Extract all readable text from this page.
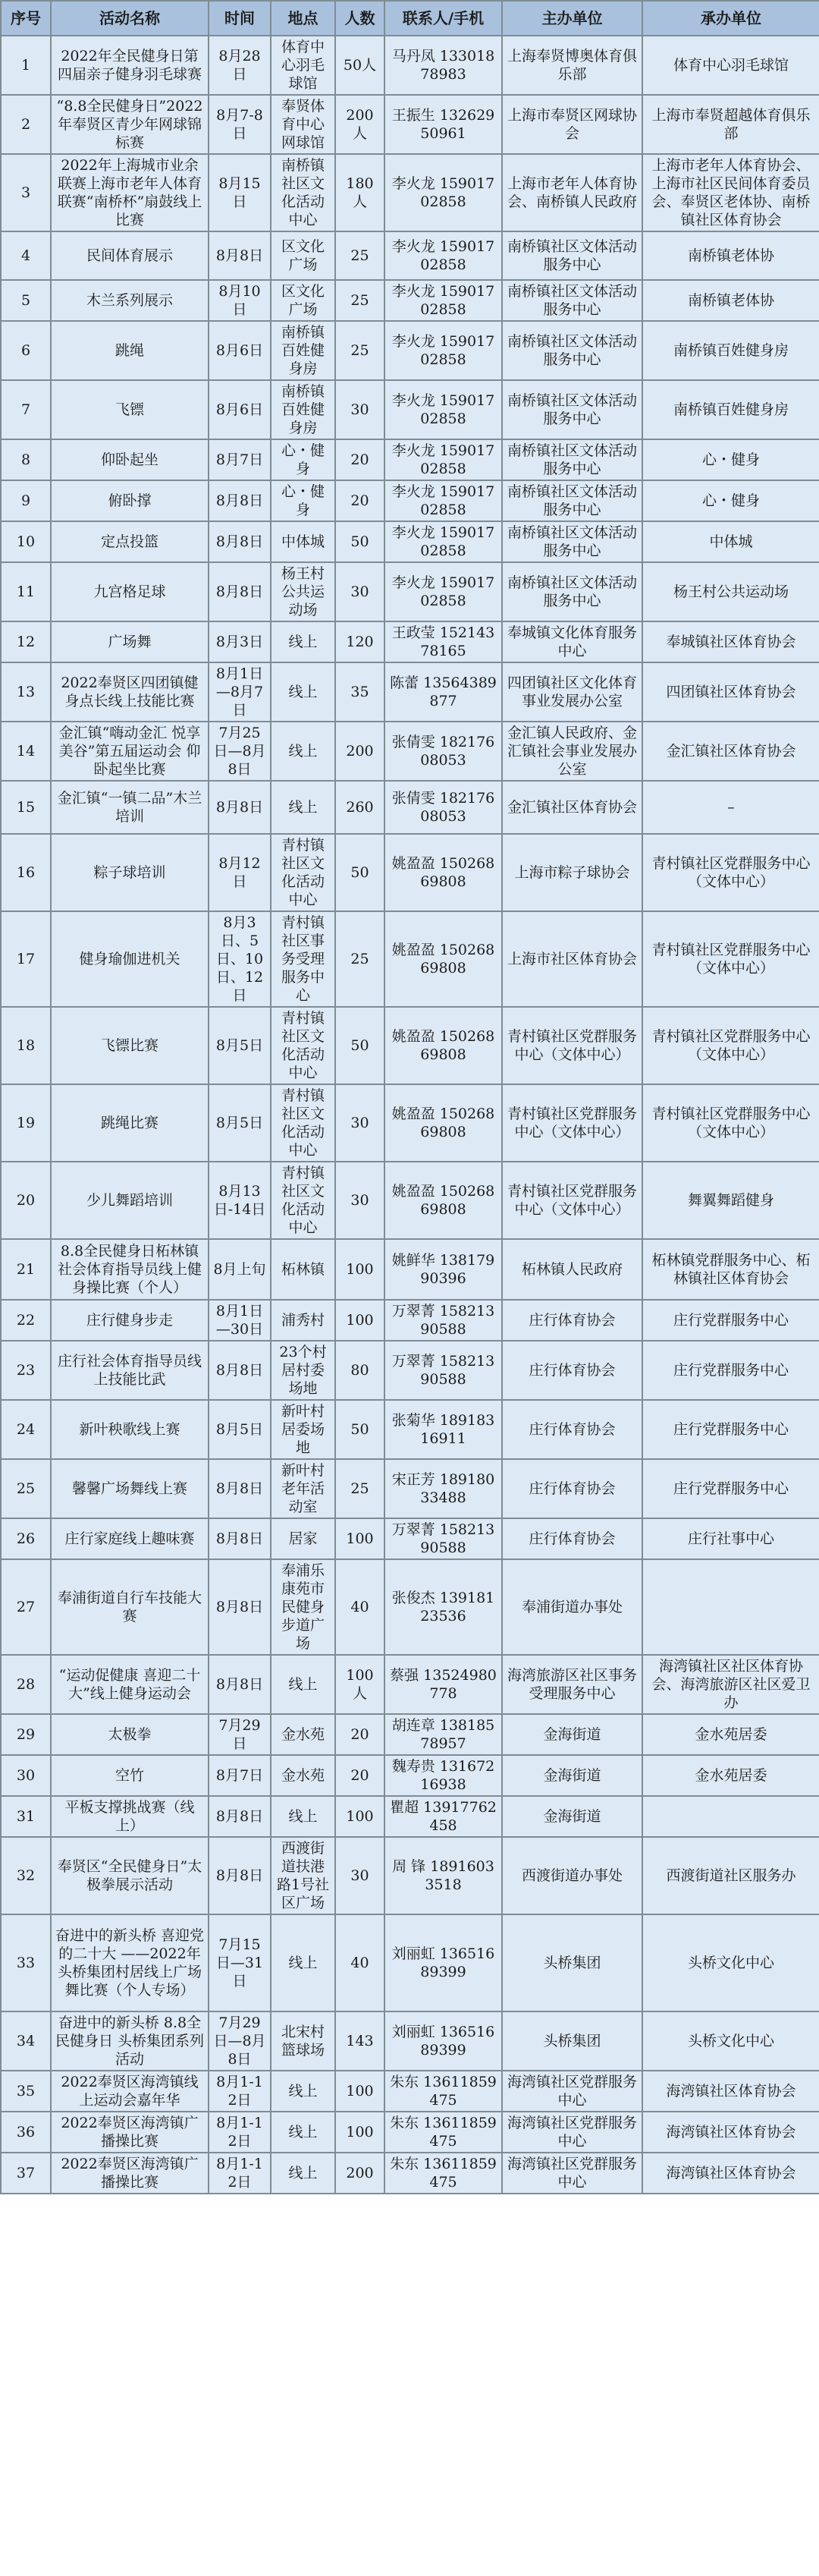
序号	活动名称	时间	地点	人数	联系人/手机	主办单位	承办单位
1	2022年全民健身日第四届亲子健身羽毛球赛	8月28日	体育中心羽毛球馆	50人	马丹凤 13301878983	上海奉贤博奥体育俱乐部	体育中心羽毛球馆
2	“8.8全民健身日”2022年奉贤区青少年网球锦标赛	8月7-8日	奉贤体育中心网球馆	200人	王振生 13262950961	上海市奉贤区网球协会	上海市奉贤超越体育俱乐部
3	2022年上海城市业余联赛上海市老年人体育联赛“南桥杯”扇鼓线上比赛	8月15日	南桥镇社区文化活动中心	180人	李火龙 15901702858	上海市老年人体育协会、南桥镇人民政府	上海市老年人体育协会、上海市社区民间体育委员会、奉贤区老体协、南桥镇社区体育协会
4	民间体育展示	8月8日	区文化广场	25	李火龙 15901702858	南桥镇社区文体活动服务中心	南桥镇老体协
5	木兰系列展示	8月10日	区文化广场	25	李火龙 15901702858	南桥镇社区文体活动服务中心	南桥镇老体协
6	跳绳	8月6日	南桥镇百姓健身房	25	李火龙 15901702858	南桥镇社区文体活动服务中心	南桥镇百姓健身房
7	飞镖	8月6日	南桥镇百姓健身房	30	李火龙 15901702858	南桥镇社区文体活动服务中心	南桥镇百姓健身房
8	仰卧起坐	8月7日	心・健身	20	李火龙 15901702858	南桥镇社区文体活动服务中心	心・健身
9	俯卧撑	8月8日	心・健身	20	李火龙 15901702858	南桥镇社区文体活动服务中心	心・健身
10	定点投篮	8月8日	中体城	50	李火龙 15901702858	南桥镇社区文体活动服务中心	中体城
11	九宫格足球	8月8日	杨王村公共运动场	30	李火龙 15901702858	南桥镇社区文体活动服务中心	杨王村公共运动场
12	广场舞	8月3日	线上	120	王政莹 15214378165	奉城镇文化体育服务中心	奉城镇社区体育协会
13	2022奉贤区四团镇健身点长线上技能比赛	8月1日—8月7日	线上	35	陈蕾 13564389877	四团镇社区文化体育事业发展办公室	四团镇社区体育协会
14	金汇镇“嗨动金汇 悦享美谷”第五届运动会 仰卧起坐比赛	7月25日—8月8日	线上	200	张倩雯 18217608053	金汇镇人民政府、金汇镇社会事业发展办公室	金汇镇社区体育协会
15	金汇镇“一镇二品”木兰培训	8月8日	线上	260	张倩雯 18217608053	金汇镇社区体育协会	–
16	粽子球培训	8月12日	青村镇社区文化活动中心	50	姚盈盈 15026869808	上海市粽子球协会	青村镇社区党群服务中心（文体中心）
17	健身瑜伽进机关	8月3日、5日、10日、12日	青村镇社区事务受理服务中心	25	姚盈盈 15026869808	上海市社区体育协会	青村镇社区党群服务中心（文体中心）
18	飞镖比赛	8月5日	青村镇社区文化活动中心	50	姚盈盈 15026869808	青村镇社区党群服务中心（文体中心）	青村镇社区党群服务中心（文体中心）
19	跳绳比赛	8月5日	青村镇社区文化活动中心	30	姚盈盈 15026869808	青村镇社区党群服务中心（文体中心）	青村镇社区党群服务中心（文体中心）
20	少儿舞蹈培训	8月13日-14日	青村镇社区文化活动中心	30	姚盈盈 15026869808	青村镇社区党群服务中心（文体中心）	舞翼舞蹈健身
21	8.8全民健身日柘林镇社会体育指导员线上健身操比赛（个人）	8月上旬	柘林镇	100	姚鲜华 13817990396	柘林镇人民政府	柘林镇党群服务中心、柘林镇社区体育协会
22	庄行健身步走	8月1日—30日	浦秀村	100	万翠菁 15821390588	庄行体育协会	庄行党群服务中心
23	庄行社会体育指导员线上技能比武	8月8日	23个村居村委场地	80	万翠菁 15821390588	庄行体育协会	庄行党群服务中心
24	新叶秧歌线上赛	8月5日	新叶村居委场地	50	张菊华 18918316911	庄行体育协会	庄行党群服务中心
25	馨馨广场舞线上赛	8月8日	新叶村老年活动室	25	宋正芳 18918033488	庄行体育协会	庄行党群服务中心
26	庄行家庭线上趣味赛	8月8日	居家	100	万翠菁 15821390588	庄行体育协会	庄行社事中心
27	奉浦街道自行车技能大赛	8月8日	奉浦乐康苑市民健身步道广场	40	张俊杰 13918123536	奉浦街道办事处	
28	“运动促健康 喜迎二十大”线上健身运动会	8月8日	线上	100人	蔡强 13524980778	海湾旅游区社区事务受理服务中心	海湾镇社区社区体育协会、海湾旅游区社区爱卫办
29	太极拳	7月29日	金水苑	20	胡连章 13818578957	金海街道	金水苑居委
30	空竹	8月7日	金水苑	20	魏寿贵 13167216938	金海街道	金水苑居委
31	平板支撑挑战赛（线上）	8月8日	线上	100	瞿超 13917762458	金海街道	
32	奉贤区“全民健身日”太极拳展示活动	8月8日	西渡街道扶港路1号社区广场	30	周 锋 18916033518	西渡街道办事处	西渡街道社区服务办
33	奋进中的新头桥 喜迎党的二十大 ——2022年头桥集团村居线上广场舞比赛（个人专场）	7月15日—31日	线上	40	刘丽虹 13651689399	头桥集团	头桥文化中心
34	奋进中的新头桥 8.8全民健身日 头桥集团系列活动	7月29日—8月8日	北宋村篮球场	143	刘丽虹 13651689399	头桥集团	头桥文化中心
35	2022奉贤区海湾镇线上运动会嘉年华	8月1-12日	线上	100	朱东 13611859475	海湾镇社区党群服务中心	海湾镇社区体育协会
36	2022奉贤区海湾镇广播操比赛	8月1-12日	线上	100	朱东 13611859475	海湾镇社区党群服务中心	海湾镇社区体育协会
37	2022奉贤区海湾镇广播操比赛	8月1-12日	线上	200	朱东 13611859475	海湾镇社区党群服务中心	海湾镇社区体育协会
